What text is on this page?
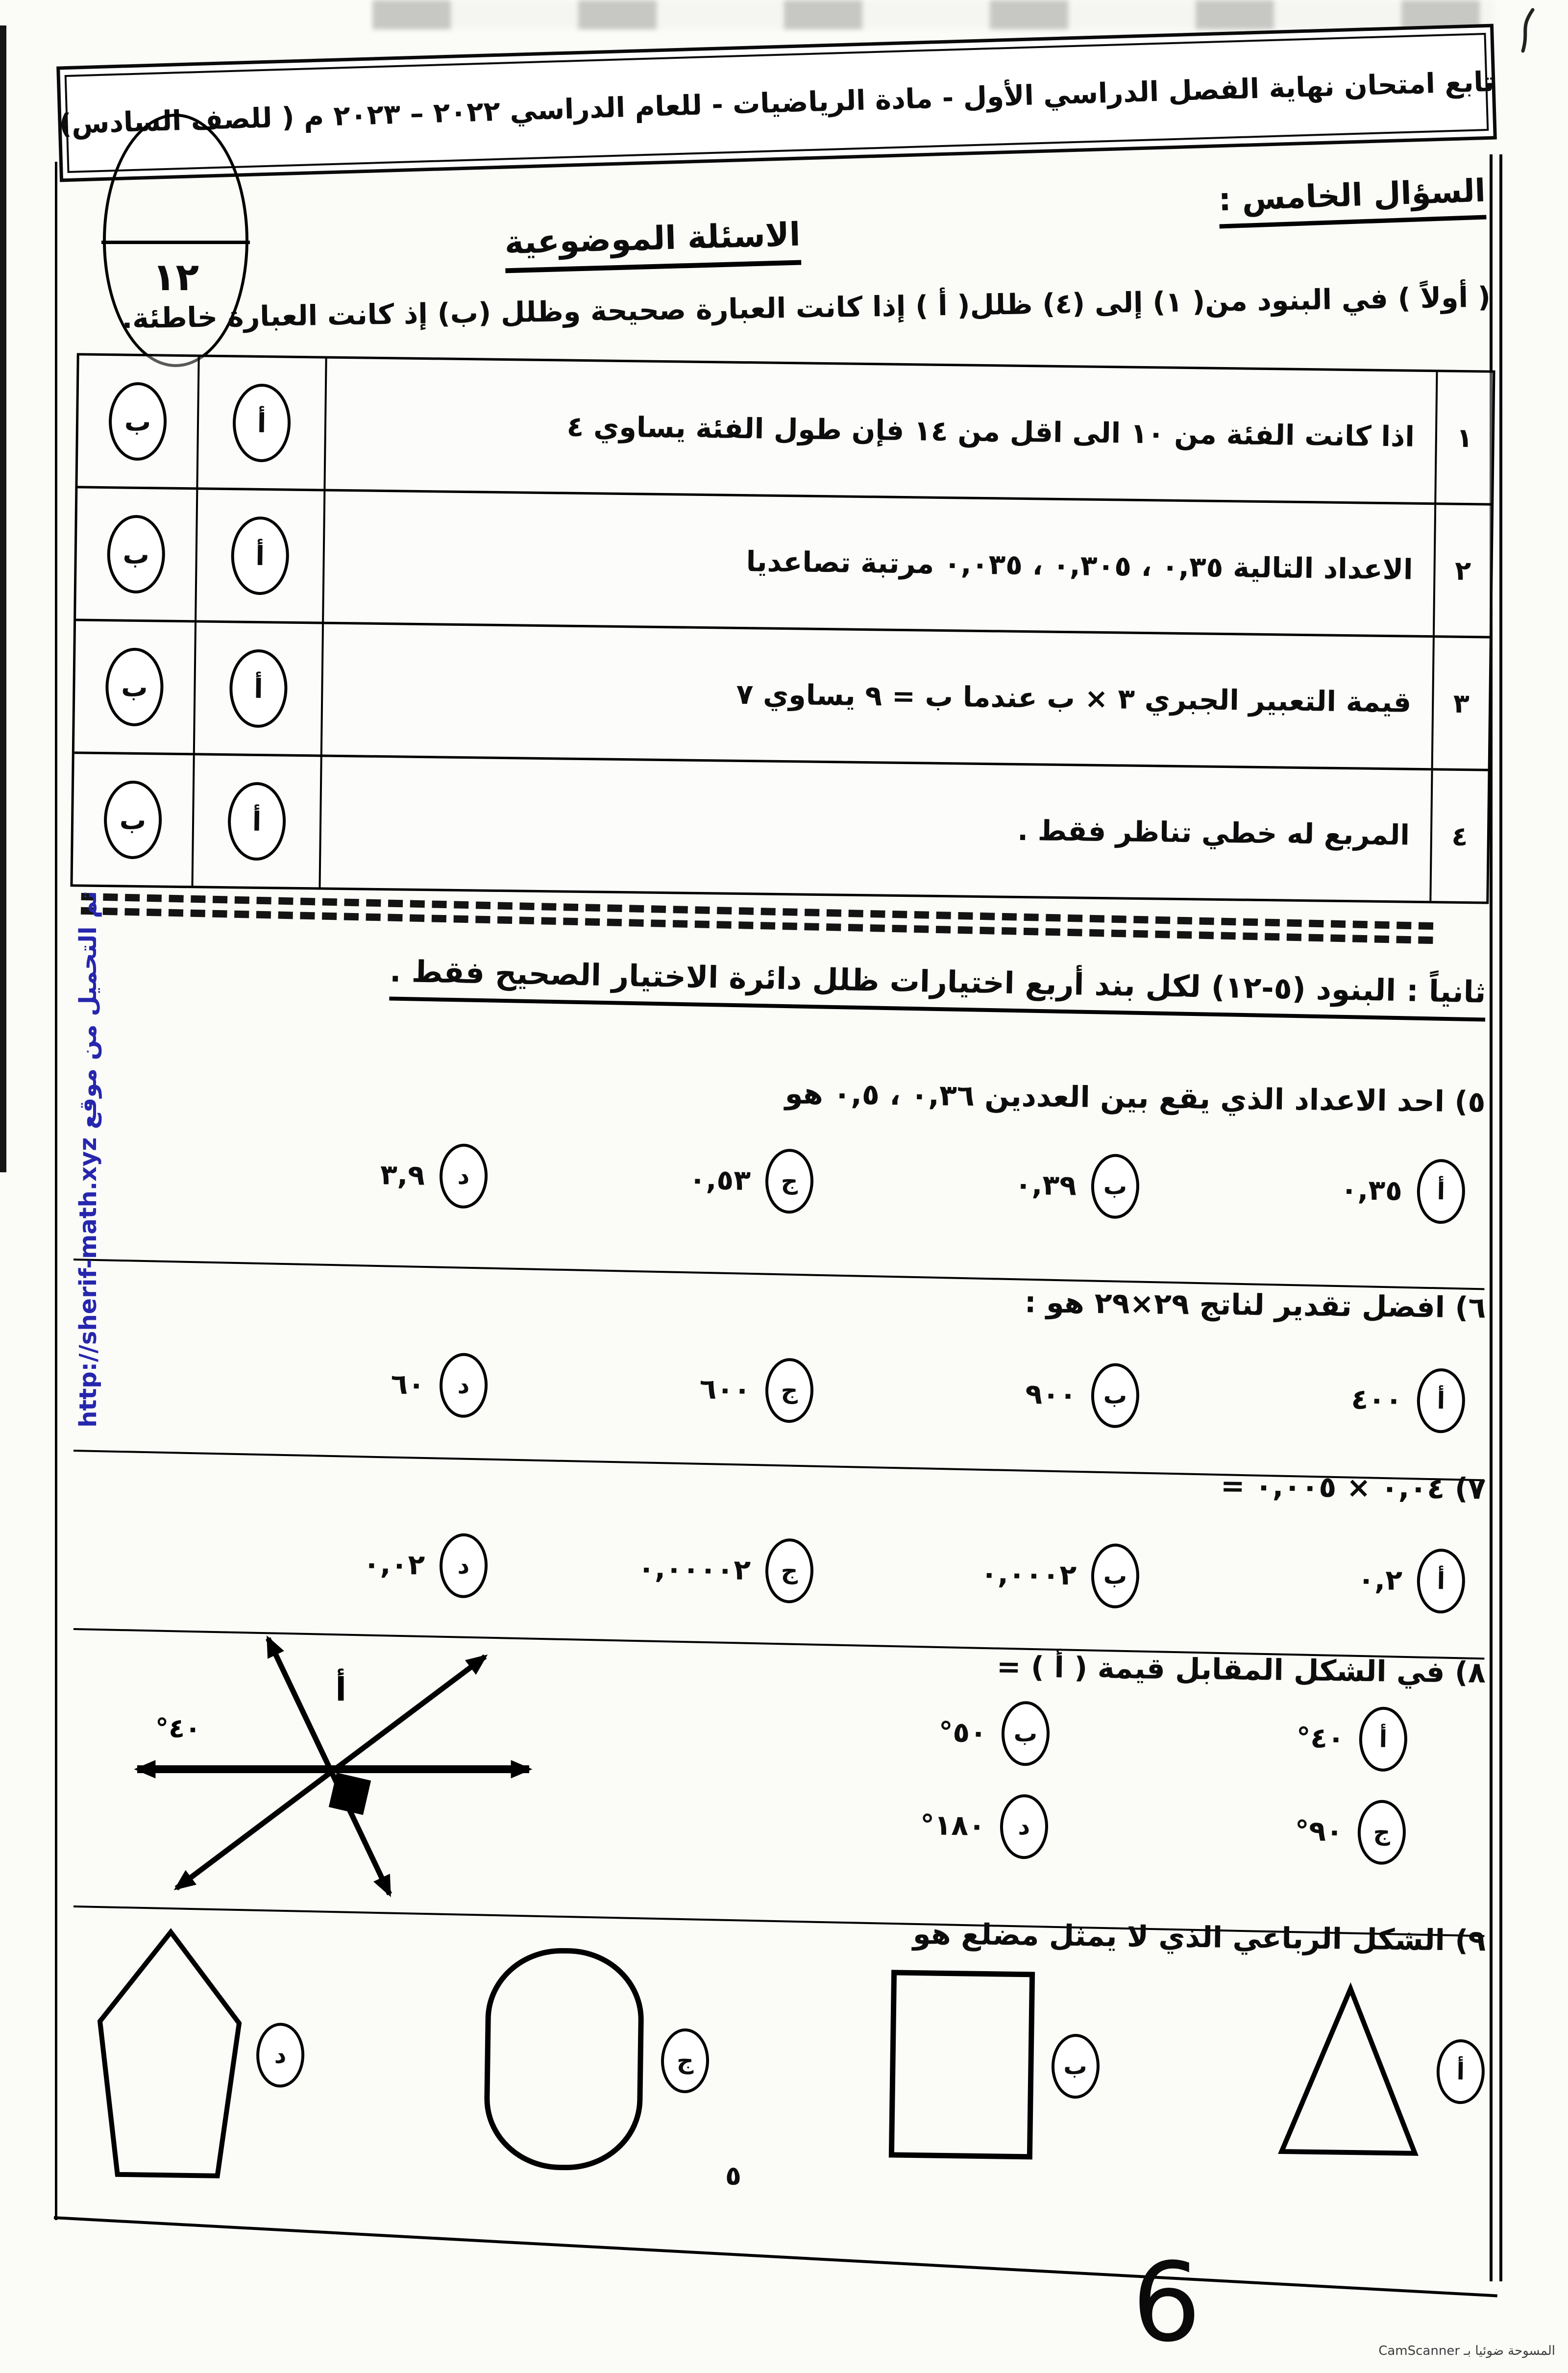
تابع امتحان نهاية الفصل الدراسي الأول - مادة الرياضيات - للعام الدراسي ٢٠٢٢ – ٢٠٢٣ م ( للصف السادس)
١٢
السؤال الخامس :
الاسئلة الموضوعية
( أولاً ) في البنود من( ١) إلى (٤) ظلل( أ ) إذا كانت العبارة صحيحة وظلل (ب) إذ كانت العبارة خاطئة.
١
اذا كانت الفئة من ١٠ الى اقل من ١٤ فإن طول الفئة يساوي ٤
أ
ب
٢
الاعداد التالية ٠,٣٥ ، ٠,٣٠٥ ، ٠,٠٣٥ مرتبة تصاعديا
أ
ب
٣
قيمة التعبير الجبري ٣ × ب عندما ب = ٩ يساوي ٧
أ
ب
٤
المربع له خطي تناظر فقط .
أ
ب
ثانياً : البنود (٥-١٢) لكل بند أربع اختيارات ظلل دائرة الاختيار الصحيح فقط .
٥) احد الاعداد الذي يقع بين العددين ٠,٣٦ ، ٠,٥ هو
أ
٠,٣٥
ب
٠,٣٩
ج
٠,٥٣
د
٣,٩
٦) افضل تقدير لناتج ٢٩×٢٩ هو :
أ
٤٠٠
ب
٩٠٠
ج
٦٠٠
د
٦٠
٧) ٠,٠٤ × ٠,٠٠٥ =
أ
٠,٢
ب
٠,٠٠٠٢
ج
٠,٠٠٠٠٢
د
٠,٠٢
٨) في الشكل المقابل قيمة ( أ ) =
أ
٤٠°
ب
٥٠°
ج
٩٠°
د
١٨٠°
أ
٤٠°
٩) الشكل الرباعي الذي لا يمثل مضلع هو
أ
ب
ج
د
٥
6	المسوحة ضوئيا بـ CamScanner
تم التحميل من موقع http://sherif-math.xyz
